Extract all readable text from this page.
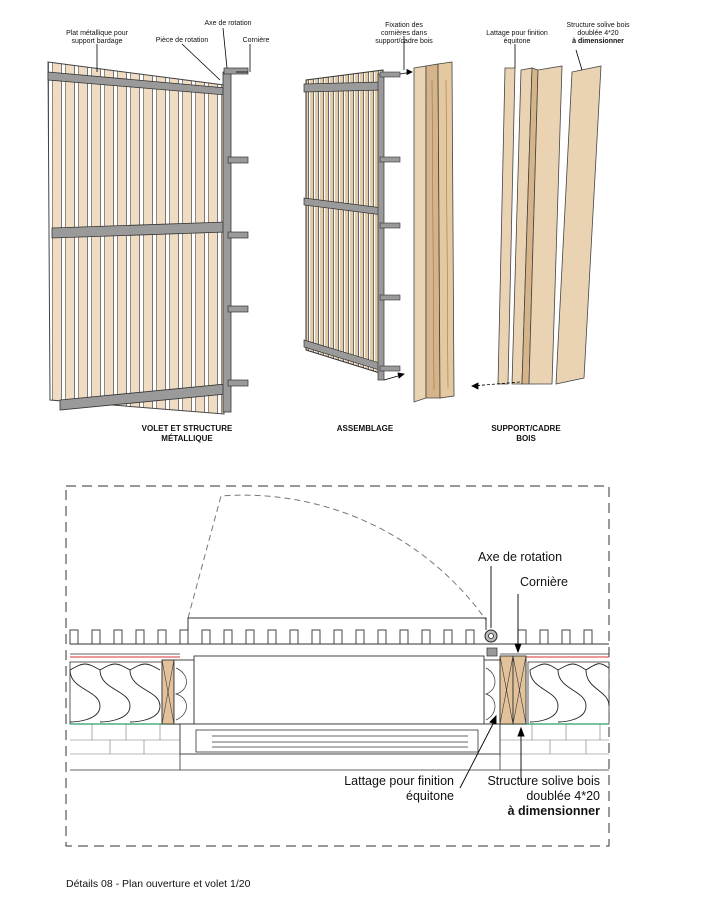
Plat métallique pour
support bardage	Pièce de rotation
Axe de rotation
Cornière
Fixation des
cornières dans
support/cadre bois
Lattage pour finition
équitone
Structure solive bois
doublée 4*20
à dimensionner
VOLET ET STRUCTURE
MÉTALLIQUE
ASSEMBLAGE	SUPPORT/CADRE
BOIS
Axe de rotation
Cornière
Lattage pour finition
équitone
Structure solive bois
doublée 4*20
à dimensionner
Détails 08 - Plan ouverture et volet 1/20
